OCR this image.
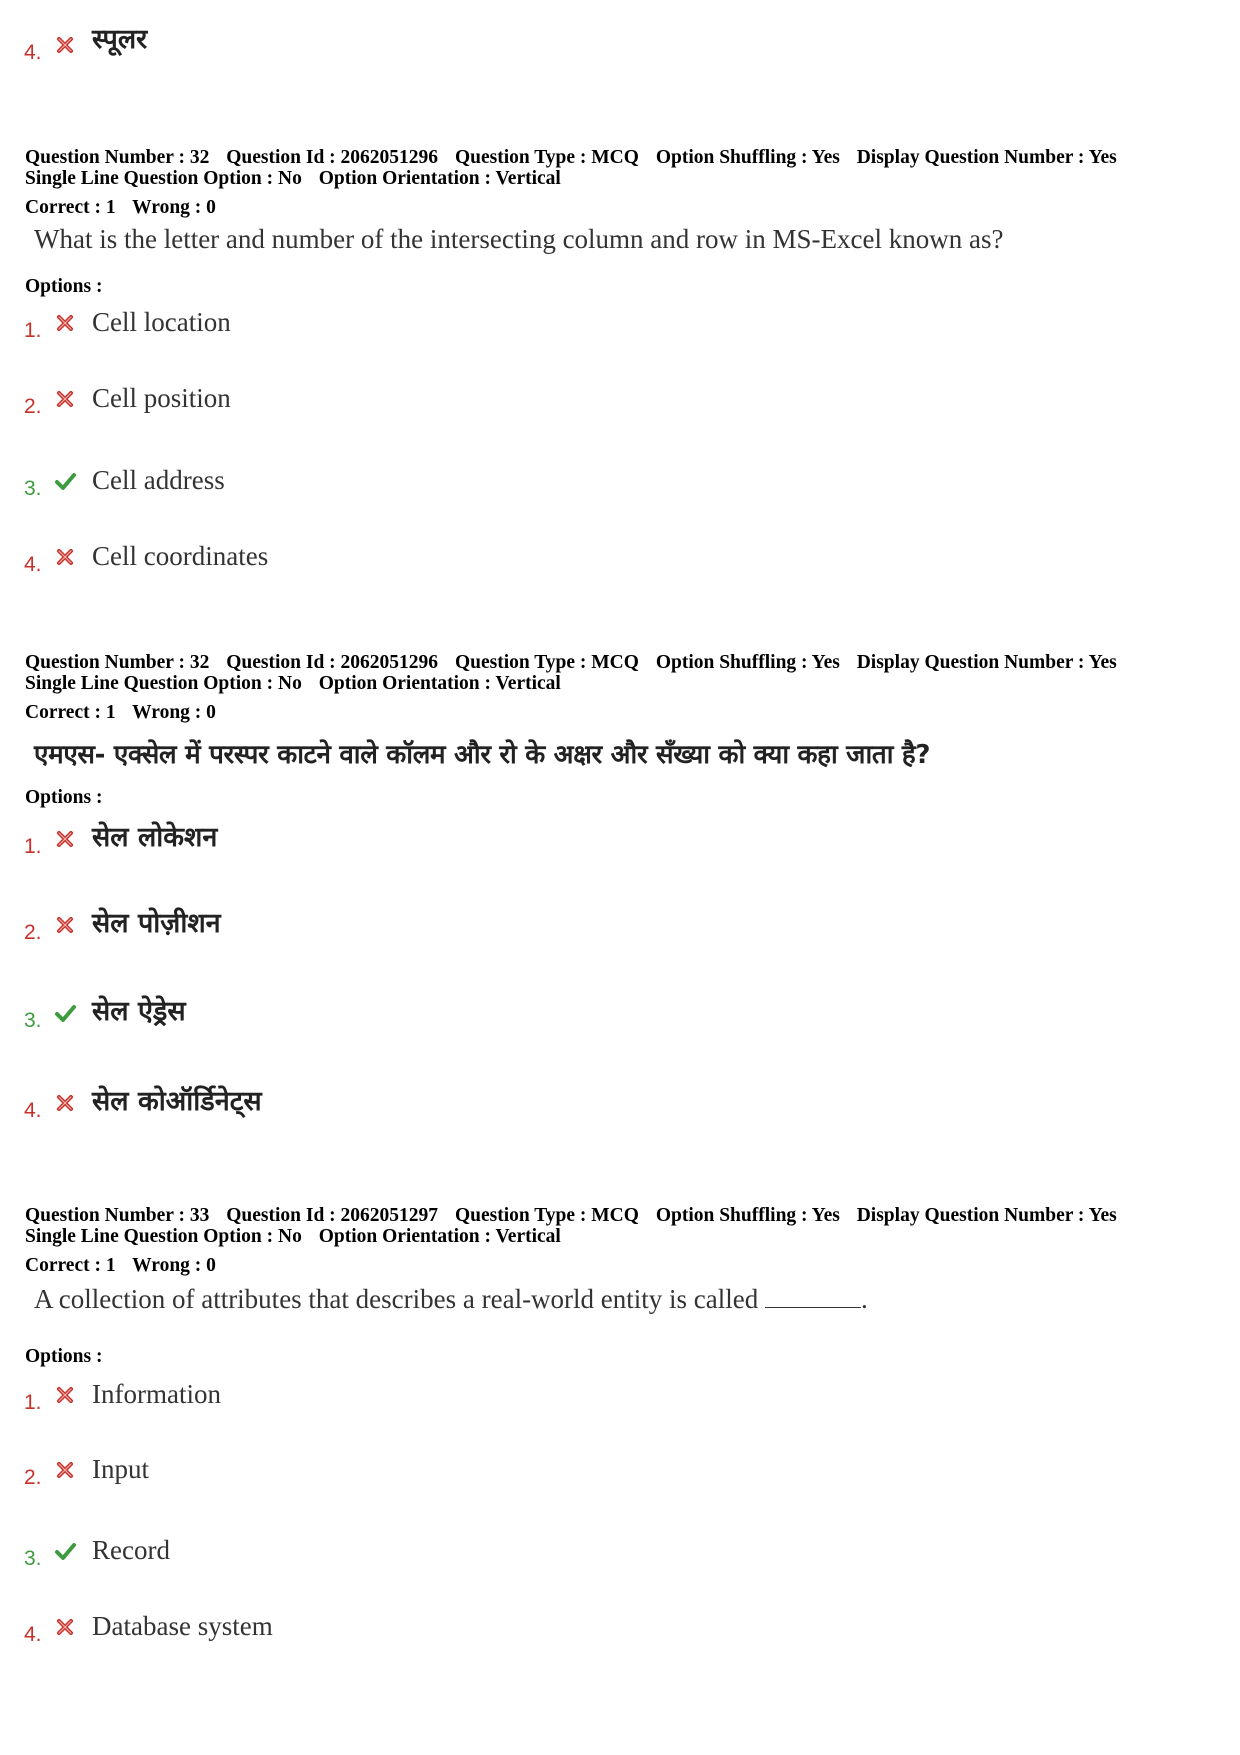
4. स्पूलर
Question Number : 32 Question Id : 2062051296 Question Type : MCQ Option Shuffling : Yes Display Question Number : Yes
Single Line Question Option : No Option Orientation : Vertical
Correct : 1 Wrong : 0
What is the letter and number of the intersecting column and row in MS-Excel known as?
Options :
1. Cell location
2. Cell position
3. Cell address
4. Cell coordinates
Question Number : 32 Question Id : 2062051296 Question Type : MCQ Option Shuffling : Yes Display Question Number : Yes
Single Line Question Option : No Option Orientation : Vertical
Correct : 1 Wrong : 0
एमएस- एक्सेल में परस्पर काटने वाले कॉलम और रो के अक्षर और सँख्या को क्या कहा जाता है?
Options :
1. सेल लोकेशन
2. सेल पोज़ीशन
3. सेल ऐड्रेस
4. सेल कोऑर्डिनेट्स
Question Number : 33 Question Id : 2062051297 Question Type : MCQ Option Shuffling : Yes Display Question Number : Yes
Single Line Question Option : No Option Orientation : Vertical
Correct : 1 Wrong : 0
A collection of attributes that describes a real-world entity is called	.
Options :
1. Information
2. Input
3. Record
4. Database system
